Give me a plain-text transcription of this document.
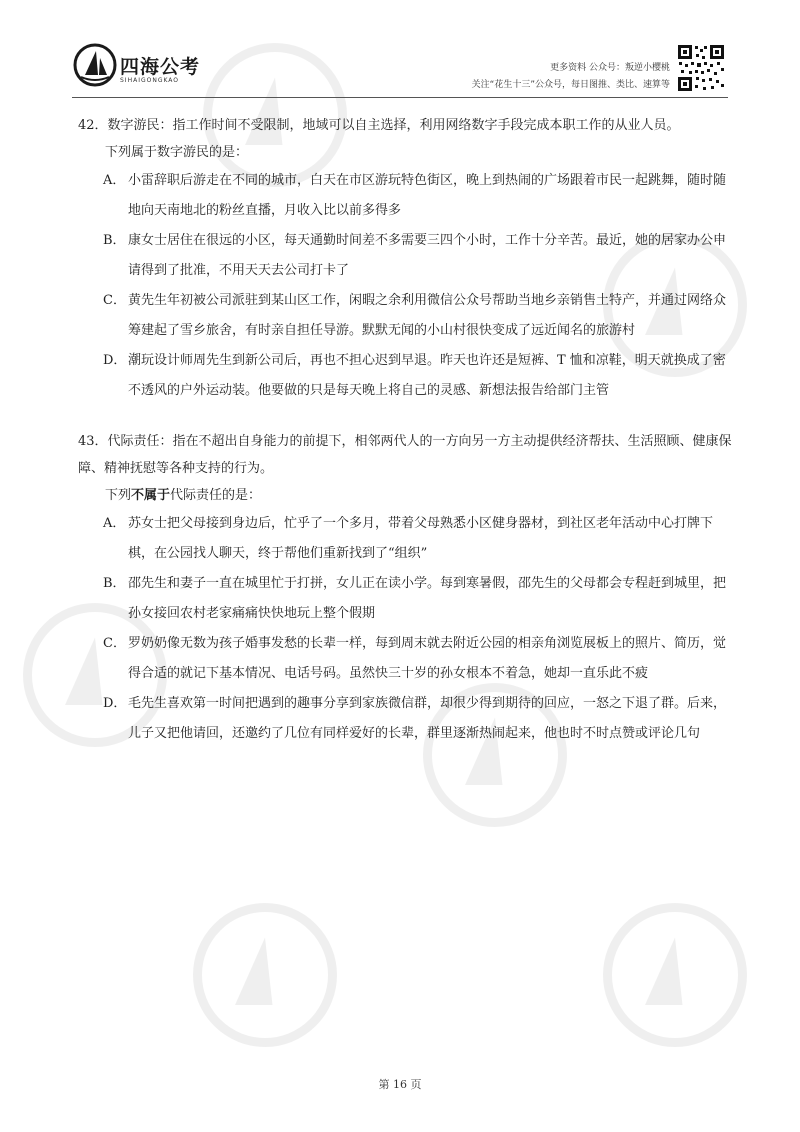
四海公考
SIHAIGONGKAO
更多资料 公众号：叛逆小樱桃
关注“花生十三”公众号，每日图推、类比、速算等
42．数字游民：指工作时间不受限制，地域可以自主选择，利用网络数字手段完成本职工作的从业人员。
下列属于数字游民的是：
A． 小雷辞职后游走在不同的城市，白天在市区游玩特色街区，晚上到热闹的广场跟着市民一起跳舞，随时随地向天南地北的粉丝直播，月收入比以前多得多
B． 康女士居住在很远的小区，每天通勤时间差不多需要三四个小时，工作十分辛苦。最近，她的居家办公申请得到了批准，不用天天去公司打卡了
C． 黄先生年初被公司派驻到某山区工作，闲暇之余利用微信公众号帮助当地乡亲销售土特产，并通过网络众筹建起了雪乡旅舍，有时亲自担任导游。默默无闻的小山村很快变成了远近闻名的旅游村
D． 潮玩设计师周先生到新公司后，再也不担心迟到早退。昨天也许还是短裤、T 恤和凉鞋，明天就换成了密不透风的户外运动装。他要做的只是每天晚上将自己的灵感、新想法报告给部门主管
43．代际责任：指在不超出自身能力的前提下，相邻两代人的一方向另一方主动提供经济帮扶、生活照顾、健康保障、精神抚慰等各种支持的行为。
下列不属于代际责任的是：
A． 苏女士把父母接到身边后，忙乎了一个多月，带着父母熟悉小区健身器材，到社区老年活动中心打牌下棋，在公园找人聊天，终于帮他们重新找到了“组织”
B． 邵先生和妻子一直在城里忙于打拼，女儿正在读小学。每到寒暑假，邵先生的父母都会专程赶到城里，把孙女接回农村老家痛痛快快地玩上整个假期
C． 罗奶奶像无数为孩子婚事发愁的长辈一样，每到周末就去附近公园的相亲角浏览展板上的照片、简历，觉得合适的就记下基本情况、电话号码。虽然快三十岁的孙女根本不着急，她却一直乐此不疲
D． 毛先生喜欢第一时间把遇到的趣事分享到家族微信群，却很少得到期待的回应，一怒之下退了群。后来，儿子又把他请回，还邀约了几位有同样爱好的长辈，群里逐渐热闹起来，他也时不时点赞或评论几句
第 16 页
